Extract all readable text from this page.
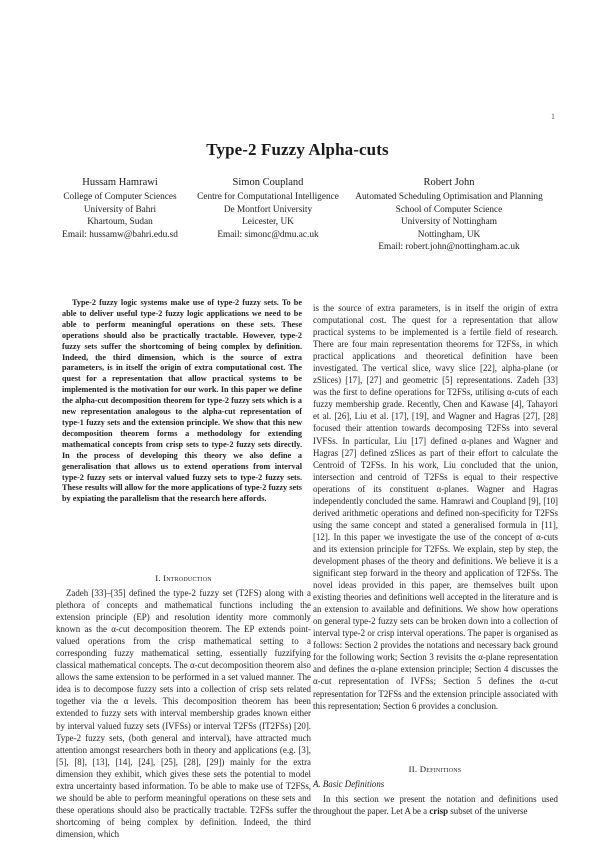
1
Type-2 Fuzzy Alpha-cuts
Hussam Hamrawi
College of Computer Sciences
University of Bahri
Khartoum, Sudan
Email: hussamw@bahri.edu.sd
Simon Coupland
Centre for Computational Intelligence
De Montfort University
Leicester, UK
Email: simonc@dmu.ac.uk
Robert John
Automated Scheduling Optimisation and Planning
School of Computer Science
University of Nottingham
Nottingham, UK
Email: robert.john@nottingham.ac.uk

Type-2 fuzzy logic systems make use of type-2 fuzzy sets. To be able to deliver useful type-2 fuzzy logic applications we need to be able to perform meaningful operations on these sets. These operations should also be practically tractable. However, type-2 fuzzy sets suffer the shortcoming of being complex by definition. Indeed, the third dimension, which is the source of extra parameters, is in itself the origin of extra computational cost. The quest for a representation that allow practical systems to be implemented is the motivation for our work. In this paper we define the alpha-cut decomposition theorem for type-2 fuzzy sets which is a new representation analogous to the alpha-cut representation of type-1 fuzzy sets and the extension principle. We show that this new decomposition theorem forms a methodology for extending mathematical concepts from crisp sets to type-2 fuzzy sets directly. In the process of developing this theory we also define a generalisation that allows us to extend operations from interval type-2 fuzzy sets or interval valued fuzzy sets to type-2 fuzzy sets. These results will allow for the more applications of type-2 fuzzy sets by expiating the parallelism that the research here affords.

I. Introduction

Zadeh [33]–[35] defined the type-2 fuzzy set (T2FS) along with a plethora of concepts and mathematical functions including the extension principle (EP) and resolution identity more commonly known as the α-cut decomposition theorem. The EP extends point-valued operations from the crisp mathematical setting to a corresponding fuzzy mathematical setting, essentially fuzzifying classical mathematical concepts. The α-cut decomposition theorem also allows the same extension to be performed in a set valued manner. The idea is to decompose fuzzy sets into a collection of crisp sets related together via the α levels. This decomposition theorem has been extended to fuzzy sets with interval membership grades known either by interval valued fuzzy sets (IVFSs) or interval T2FSs (IT2FSs) [20]. Type-2 fuzzy sets, (both general and interval), have attracted much attention amongst researchers both in theory and applications (e.g. [3], [5], [8], [13], [14], [24], [25], [28], [29]) mainly for the extra dimension they exhibit, which gives these sets the potential to model extra uncertainty based information. To be able to make use of T2FSs, we should be able to perform meaningful operations on these sets and these operations should also be practically tractable. T2FSs suffer the shortcoming of being complex by definition. Indeed, the third dimension, which

is the source of extra parameters, is in itself the origin of extra computational cost. The quest for a representation that allow practical systems to be implemented is a fertile field of research. There are four main representation theorems for T2FSs, in which practical applications and theoretical definition have been investigated. The vertical slice, wavy slice [22], alpha-plane (or zSlices) [17], [27] and geometric [5] representations. Zadeh [33] was the first to define operations for T2FSs, utilising α-cuts of each fuzzy membership grade. Recently, Chen and Kawase [4], Tahayori et al. [26], Liu et al. [17], [19], and Wagner and Hagras [27], [28] focused their attention towards decomposing T2FSs into several IVFSs. In particular, Liu [17] defined α-planes and Wagner and Hagras [27] defined zSlices as part of their effort to calculate the Centroid of T2FSs. In his work, Liu concluded that the union, intersection and centroid of T2FSs is equal to their respective operations of its constituent α-planes. Wagner and Hagras independently concluded the same. Hamrawi and Coupland [9], [10] derived arithmetic operations and defined non-specificity for T2FSs using the same concept and stated a generalised formula in [11], [12]. In this paper we investigate the use of the concept of α-cuts and its extension principle for T2FSs. We explain, step by step, the development phases of the theory and definitions. We believe it is a significant step forward in the theory and application of T2FSs. The novel ideas provided in this paper, are themselves built upon existing theories and definitions well accepted in the literature and is an extension to available and definitions. We show how operations on general type-2 fuzzy sets can be broken down into a collection of interval type-2 or crisp interval operations. The paper is organised as follows: Section 2 provides the notations and necessary back ground for the following work; Section 3 revisits the α-plane representation and defines the α-plane extension principle; Section 4 discusses the α-cut representation of IVFSs; Section 5 defines the α-cut representation for T2FSs and the extension principle associated with this representation; Section 6 provides a conclusion.

II. Definitions
A. Basic Definitions

In this section we present the notation and definitions used throughout the paper. Let A be a crisp subset of the universe
